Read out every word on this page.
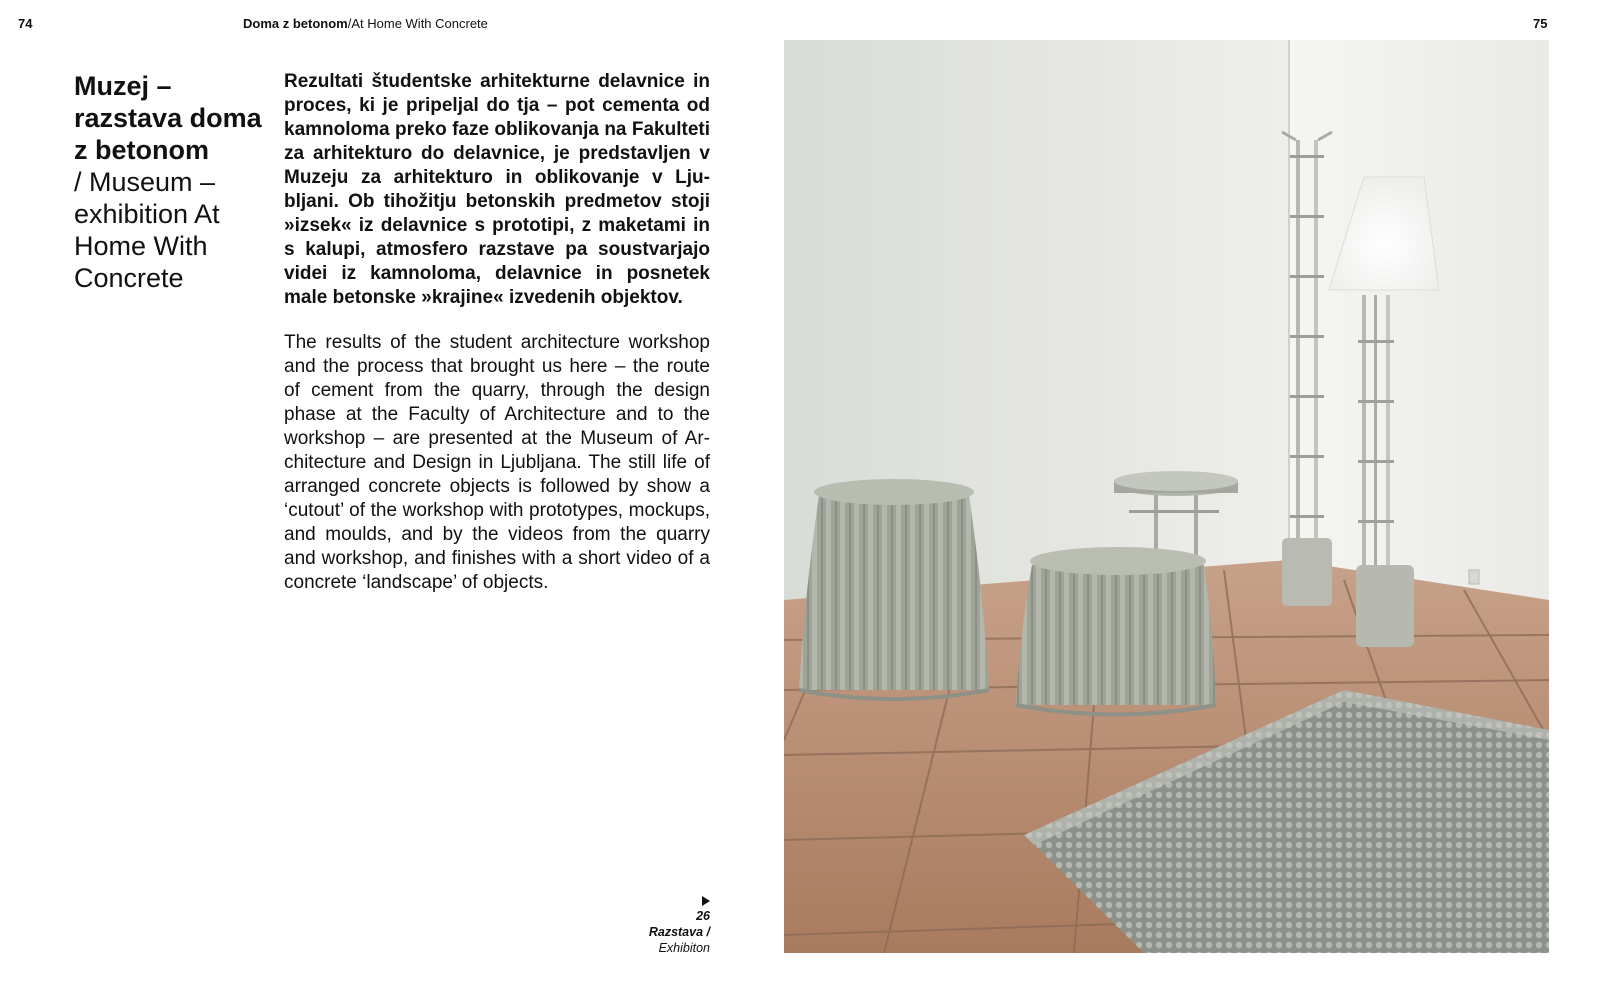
74	Doma z betonom/At Home With Concrete	75
Muzej – razstava doma z betonom
/ Museum – exhibition At Home With Concrete
Rezultati študentske arhitekturne delavnice in proces, ki je pripeljal do tja – pot cementa od kamnoloma preko faze oblikovanja na Fakulteti za arhitekturo do delavnice, je predstavljen v Muzeju za arhitekturo in oblikovanje v Ljubljani. Ob tihožitju betonskih predmetov stoji »izsek« iz delavnice s prototipi, z maketami in s kalupi, atmosfero razstave pa soustvarjajo videi iz kamnoloma, delavnice in posnetek male betonske »krajine« izvedenih objektov.
The results of the student architecture workshop and the process that brought us here – the route of cement from the quarry, through the design phase at the Faculty of Architecture and to the workshop – are presented at the Museum of Architecture and Design in Ljubljana. The still life of arranged concrete objects is followed by show a ‘cutout’ of the workshop with prototypes, mockups, and moulds, and by the videos from the quarry and workshop, and finishes with a short video of a concrete ‘landscape’ of objects.
26
Razstava /
Exhibiton
